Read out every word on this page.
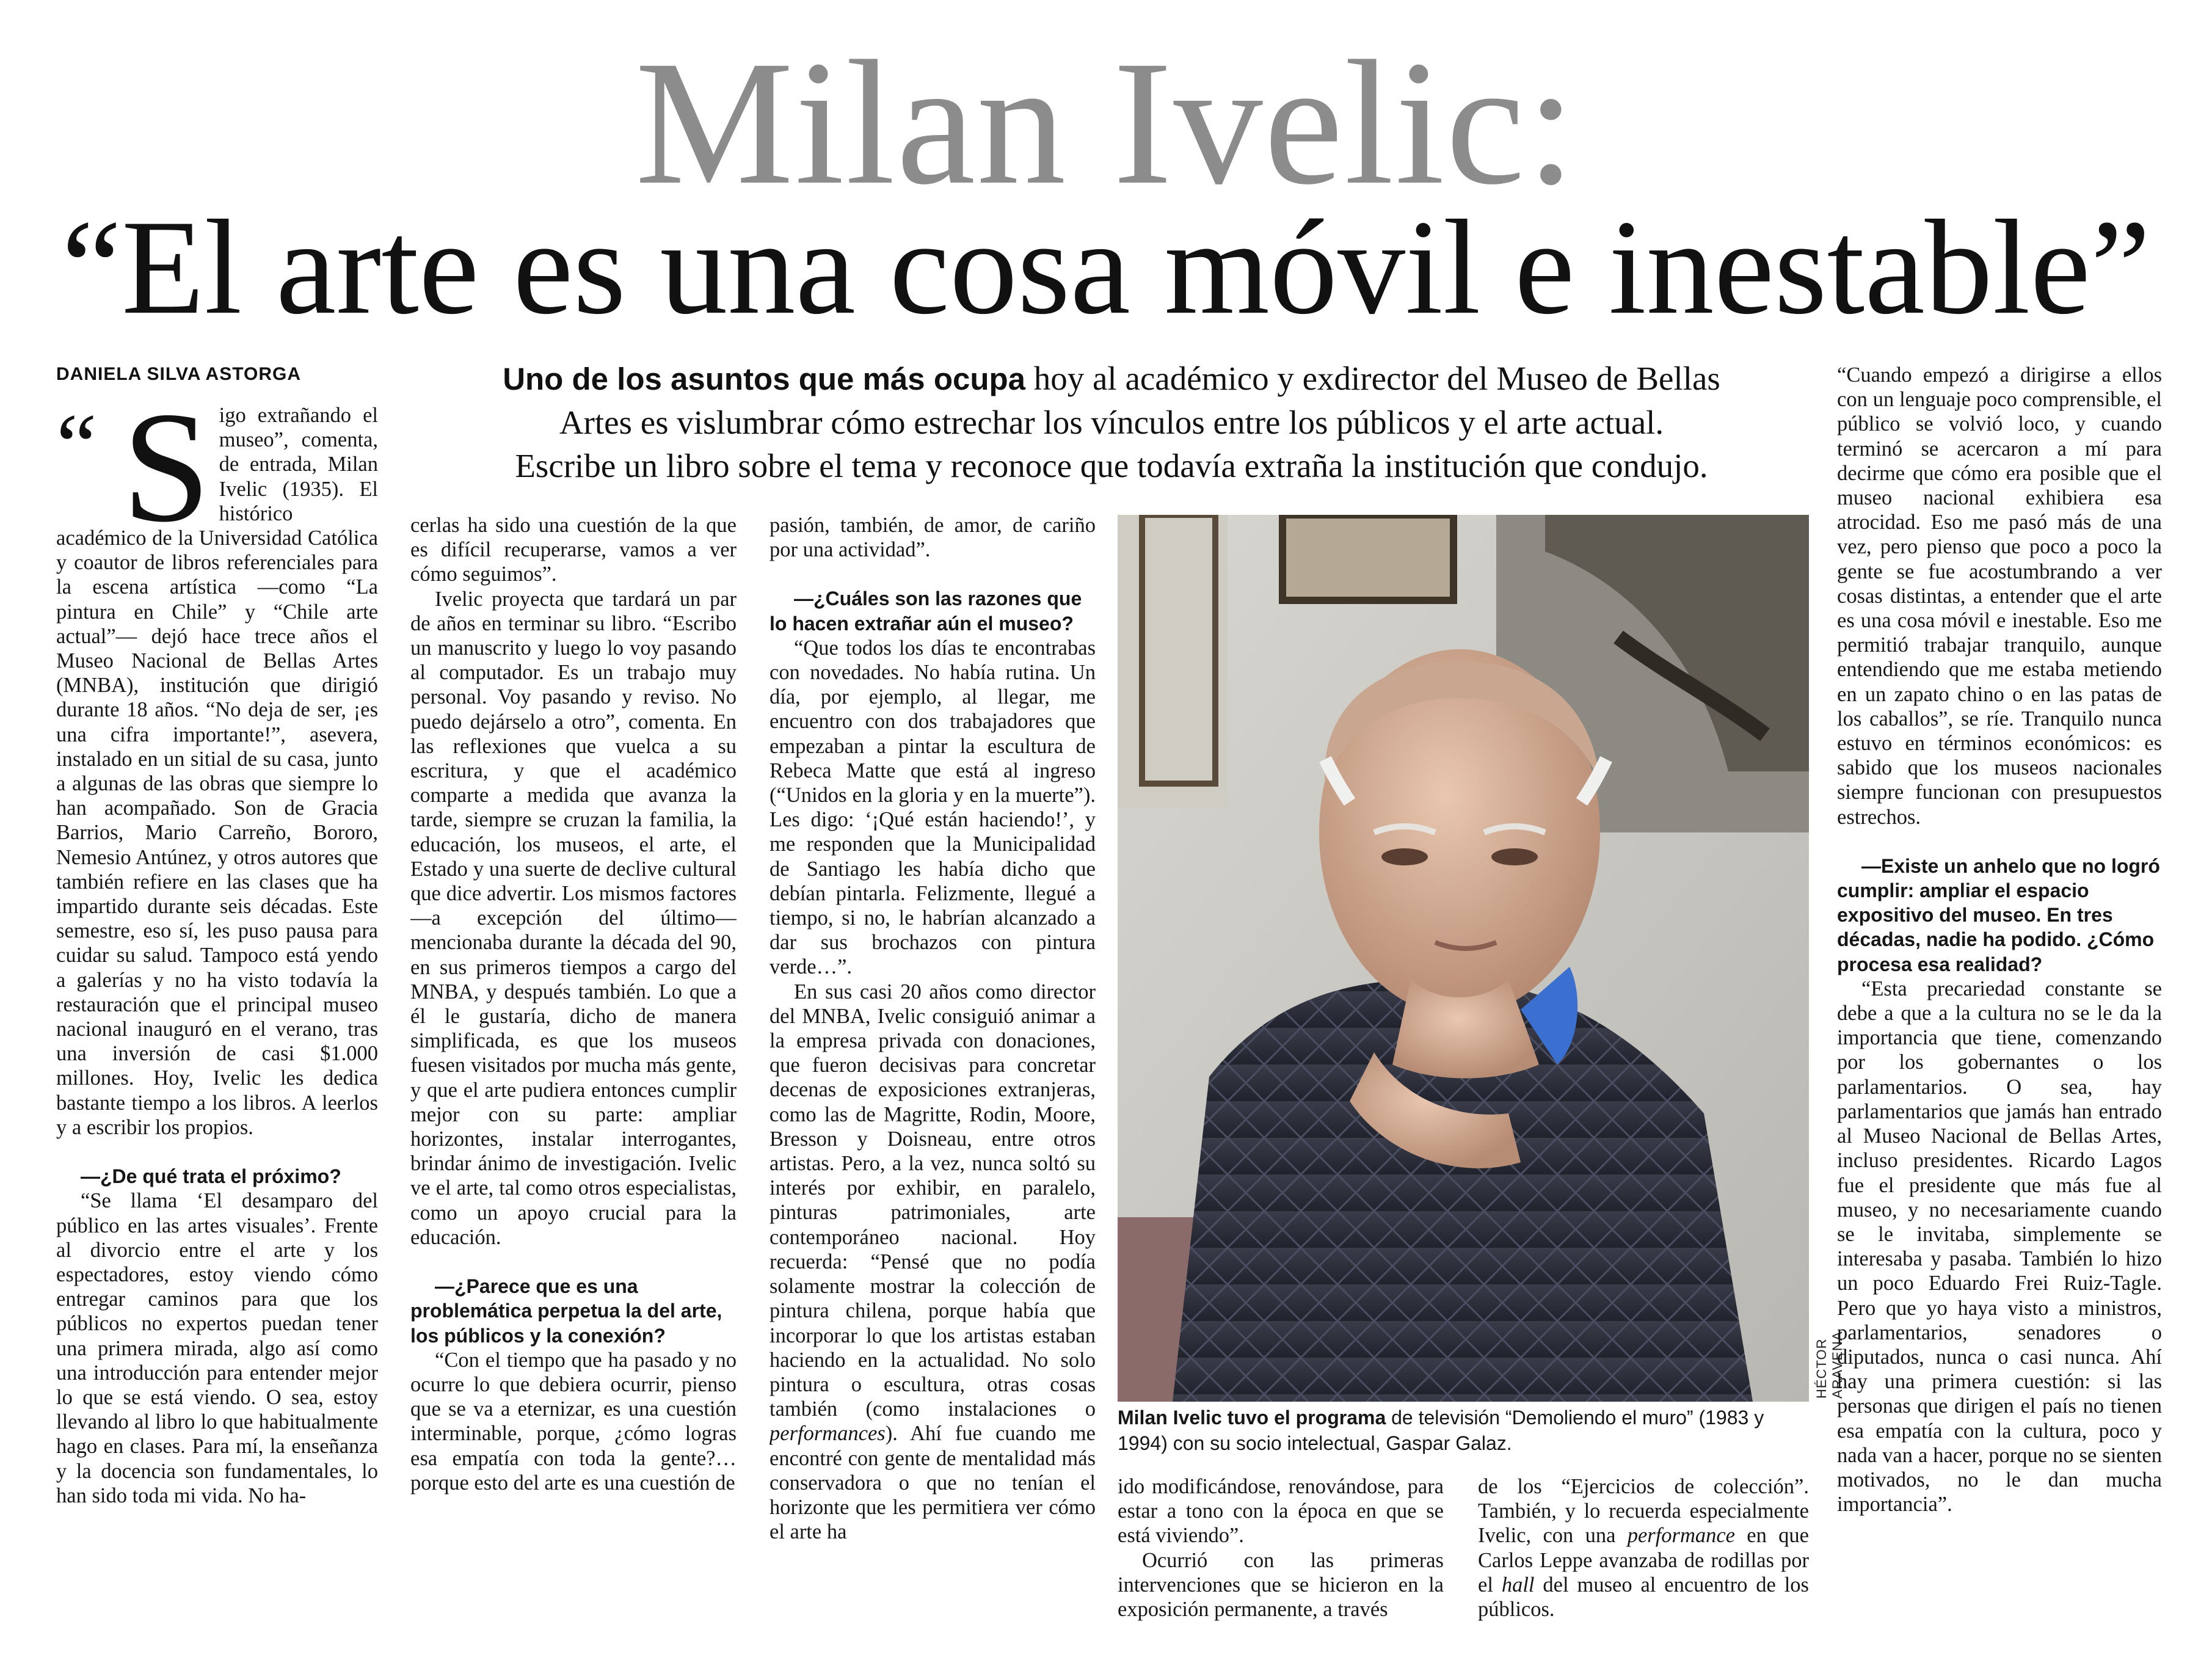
Milan Ivelic:
“El arte es una cosa móvil e inestable”
DANIELA SILVA ASTORGA	Uno de los asuntos que más ocupa hoy al académico y exdirector del Museo de Bellas
Artes es vislumbrar cómo estrechar los vínculos entre los públicos y el arte actual.
Escribe un libro sobre el tema y reconoce que todavía extraña la institución que condujo.
“ S igo extrañando el museo”, comenta, de entrada, Milan Ivelic (1935). El histórico académico de la Universidad Católica y coautor de libros referenciales para la escena artística —como “La pintura en Chile” y “Chile arte actual”— dejó hace trece años el Museo Nacional de Bellas Artes (MNBA), institución que dirigió durante 18 años. “No deja de ser, ¡es una cifra importante!”, asevera, instalado en un sitial de su casa, junto a algunas de las obras que siempre lo han acompañado. Son de Gracia Barrios, Mario Carreño, Bororo, Nemesio Antúnez, y otros autores que también refiere en las clases que ha impartido durante seis décadas. Este semestre, eso sí, les puso pausa para cuidar su salud. Tampoco está yendo a galerías y no ha visto todavía la restauración que el principal museo nacional inauguró en el verano, tras una inversión de casi $1.000 millones. Hoy, Ivelic les dedica bastante tiempo a los libros. A leerlos y a escribir los propios.

—¿De qué trata el próximo?

“Se llama ‘El desamparo del público en las artes visuales’. Frente al divorcio entre el arte y los espectadores, estoy viendo cómo entregar caminos para que los públicos no expertos puedan tener una primera mirada, algo así como una introducción para entender mejor lo que se está viendo. O sea, estoy llevando al libro lo que habitualmente hago en clases. Para mí, la enseñanza y la docencia son fundamentales, lo han sido toda mi vida. No ha-

cerlas ha sido una cuestión de la que es difícil recuperarse, vamos a ver cómo seguimos”.

Ivelic proyecta que tardará un par de años en terminar su libro. “Escribo un manuscrito y luego lo voy pasando al computador. Es un trabajo muy personal. Voy pasando y reviso. No puedo dejárselo a otro”, comenta. En las reflexiones que vuelca a su escritura, y que el académico comparte a medida que avanza la tarde, siempre se cruzan la familia, la educación, los museos, el arte, el Estado y una suerte de declive cultural que dice advertir. Los mismos factores —a excepción del último— mencionaba durante la década del 90, en sus primeros tiempos a cargo del MNBA, y después también. Lo que a él le gustaría, dicho de manera simplificada, es que los museos fuesen visitados por mucha más gente, y que el arte pudiera entonces cumplir mejor con su parte: ampliar horizontes, instalar interrogantes, brindar ánimo de investigación. Ivelic ve el arte, tal como otros especialistas, como un apoyo crucial para la educación.

—¿Parece que es una problemática perpetua la del arte, los públicos y la conexión?

“Con el tiempo que ha pasado y no ocurre lo que debiera ocurrir, pienso que se va a eternizar, es una cuestión interminable, porque, ¿cómo logras esa empatía con toda la gente?… porque esto del arte es una cuestión de

pasión, también, de amor, de cariño por una actividad”.

—¿Cuáles son las razones que lo hacen extrañar aún el museo?

“Que todos los días te encontrabas con novedades. No había rutina. Un día, por ejemplo, al llegar, me encuentro con dos trabajadores que empezaban a pintar la escultura de Rebeca Matte que está al ingreso (“Unidos en la gloria y en la muerte”). Les digo: ‘¡Qué están haciendo!’, y me responden que la Municipalidad de Santiago les había dicho que debían pintarla. Felizmente, llegué a tiempo, si no, le habrían alcanzado a dar sus brochazos con pintura verde…”.

En sus casi 20 años como director del MNBA, Ivelic consiguió animar a la empresa privada con donaciones, que fueron decisivas para concretar decenas de exposiciones extranjeras, como las de Magritte, Rodin, Moore, Bresson y Doisneau, entre otros artistas. Pero, a la vez, nunca soltó su interés por exhibir, en paralelo, pinturas patrimoniales, arte contemporáneo nacional. Hoy recuerda: “Pensé que no podía solamente mostrar la colección de pintura chilena, porque había que incorporar lo que los artistas estaban haciendo en la actualidad. No solo pintura o escultura, otras cosas también (como instalaciones o performances). Ahí fue cuando me encontré con gente de mentalidad más conservadora o que no tenían el horizonte que les permitiera ver cómo el arte ha

HÉCTOR ARAVENA
Milan Ivelic tuvo el programa de televisión “Demoliendo el muro” (1983 y 1994) con su socio intelectual, Gaspar Galaz.

ido modificándose, renovándose, para estar a tono con la época en que se está viviendo”.

Ocurrió con las primeras intervenciones que se hicieron en la exposición permanente, a través

de los “Ejercicios de colección”. También, y lo recuerda especialmente Ivelic, con una performance en que Carlos Leppe avanzaba de rodillas por el hall del museo al encuentro de los públicos.

“Cuando empezó a dirigirse a ellos con un lenguaje poco comprensible, el público se volvió loco, y cuando terminó se acercaron a mí para decirme que cómo era posible que el museo nacional exhibiera esa atrocidad. Eso me pasó más de una vez, pero pienso que poco a poco la gente se fue acostumbrando a ver cosas distintas, a entender que el arte es una cosa móvil e inestable. Eso me permitió trabajar tranquilo, aunque entendiendo que me estaba metiendo en un zapato chino o en las patas de los caballos”, se ríe. Tranquilo nunca estuvo en términos económicos: es sabido que los museos nacionales siempre funcionan con presupuestos estrechos.

—Existe un anhelo que no logró cumplir: ampliar el espacio expositivo del museo. En tres décadas, nadie ha podido. ¿Cómo procesa esa realidad?

“Esta precariedad constante se debe a que a la cultura no se le da la importancia que tiene, comenzando por los gobernantes o los parlamentarios. O sea, hay parlamentarios que jamás han entrado al Museo Nacional de Bellas Artes, incluso presidentes. Ricardo Lagos fue el presidente que más fue al museo, y no necesariamente cuando se le invitaba, simplemente se interesaba y pasaba. También lo hizo un poco Eduardo Frei Ruiz-Tagle. Pero que yo haya visto a ministros, parlamentarios, senadores o diputados, nunca o casi nunca. Ahí hay una primera cuestión: si las personas que dirigen el país no tienen esa empatía con la cultura, poco y nada van a hacer, porque no se sienten motivados, no le dan mucha importancia”.
